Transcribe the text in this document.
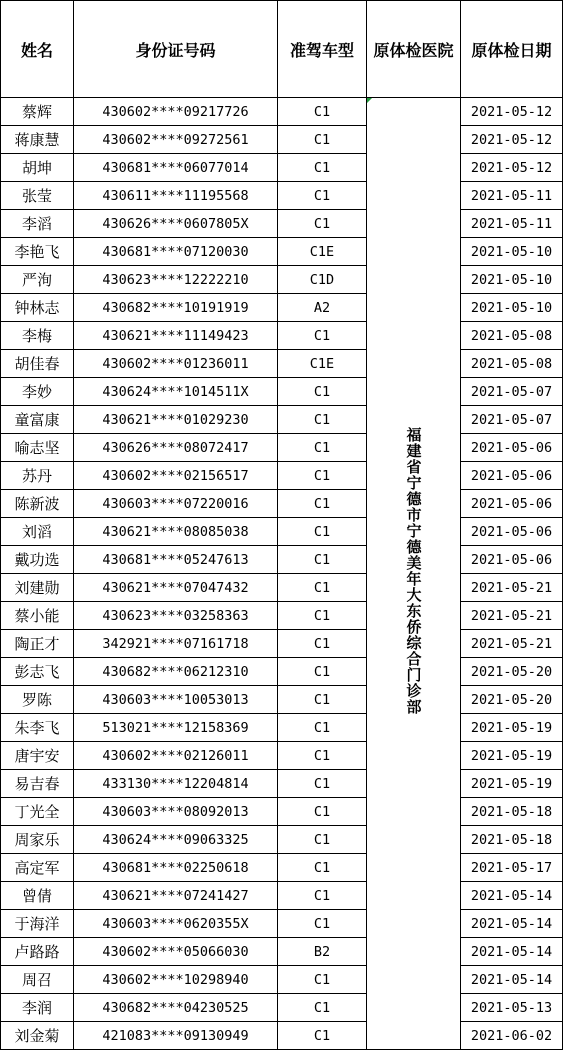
姓名	身份证号码	准驾车型	原体检医院	原体检日期
蔡辉	430602****09217726	C1	福建省宁德市宁德美年大东侨综合门诊部	2021-05-12
蒋康慧	430602****09272561	C1		2021-05-12
胡坤	430681****06077014	C1		2021-05-12
张莹	430611****11195568	C1		2021-05-11
李滔	430626****0607805X	C1		2021-05-11
李艳飞	430681****07120030	C1E		2021-05-10
严洵	430623****12222210	C1D		2021-05-10
钟林志	430682****10191919	A2		2021-05-10
李梅	430621****11149423	C1		2021-05-08
胡佳春	430602****01236011	C1E		2021-05-08
李妙	430624****1014511X	C1		2021-05-07
童富康	430621****01029230	C1		2021-05-07
喻志坚	430626****08072417	C1		2021-05-06
苏丹	430602****02156517	C1		2021-05-06
陈新波	430603****07220016	C1		2021-05-06
刘滔	430621****08085038	C1		2021-05-06
戴功选	430681****05247613	C1		2021-05-06
刘建勋	430621****07047432	C1		2021-05-21
蔡小能	430623****03258363	C1		2021-05-21
陶正才	342921****07161718	C1		2021-05-21
彭志飞	430682****06212310	C1		2021-05-20
罗陈	430603****10053013	C1		2021-05-20
朱李飞	513021****12158369	C1		2021-05-19
唐宇安	430602****02126011	C1		2021-05-19
易吉春	433130****12204814	C1		2021-05-19
丁光全	430603****08092013	C1		2021-05-18
周家乐	430624****09063325	C1		2021-05-18
高定军	430681****02250618	C1		2021-05-17
曾倩	430621****07241427	C1		2021-05-14
于海洋	430603****0620355X	C1		2021-05-14
卢路路	430602****05066030	B2		2021-05-14
周召	430602****10298940	C1		2021-05-14
李润	430682****04230525	C1		2021-05-13
刘金菊	421083****09130949	C1		2021-06-02
